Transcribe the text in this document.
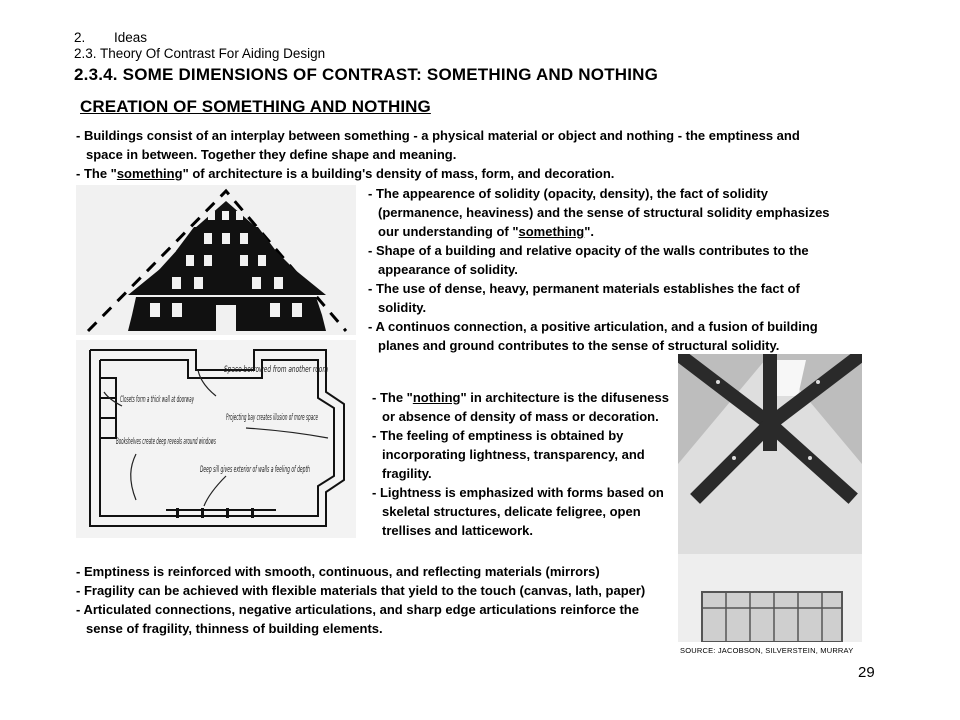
2. Ideas
2.3. Theory Of Contrast For Aiding Design
2.3.4. SOME DIMENSIONS OF CONTRAST: SOMETHING AND NOTHING
CREATION OF SOMETHING AND NOTHING

- Buildings consist of an interplay between something - a physical material or object and nothing - the emptiness and space in between. Together they define shape and meaning.

- The "something" of architecture is a building's density of mass, form, and decoration.

- The appearence of solidity (opacity, density), the fact of solidity (permanence, heaviness) and the sense of structural solidity emphasizes our understanding of "something".

- Shape of a building and relative opacity of the walls contributes to the appearance of solidity.

- The use of dense, heavy, permanent materials establishes the fact of solidity.

- A continuos connection, a positive articulation, and a fusion of building planes and ground contributes to the sense of structural solidity.

Space borrowed from another room
Closets form a thick wall at doorway
Projecting bay creates illusion of more space
Bookshelves create deep reveals around windows
Deep sill gives exterior of walls a feeling of depth

- The "nothing" in architecture is the difuseness or absence of density of mass or decoration.

- The feeling of emptiness is obtained by incorporating lightness, transparency, and fragility.

- Lightness is emphasized with forms based on skeletal structures, delicate feligree, open trellises and latticework.

SOURCE: JACOBSON, SILVERSTEIN, MURRAY

- Emptiness is reinforced with smooth, continuous, and reflecting materials (mirrors)

- Fragility can be achieved with flexible materials that yield to the touch (canvas, lath, paper)

- Articulated connections, negative articulations, and sharp edge articulations reinforce the sense of fragility, thinness of building elements.

29
